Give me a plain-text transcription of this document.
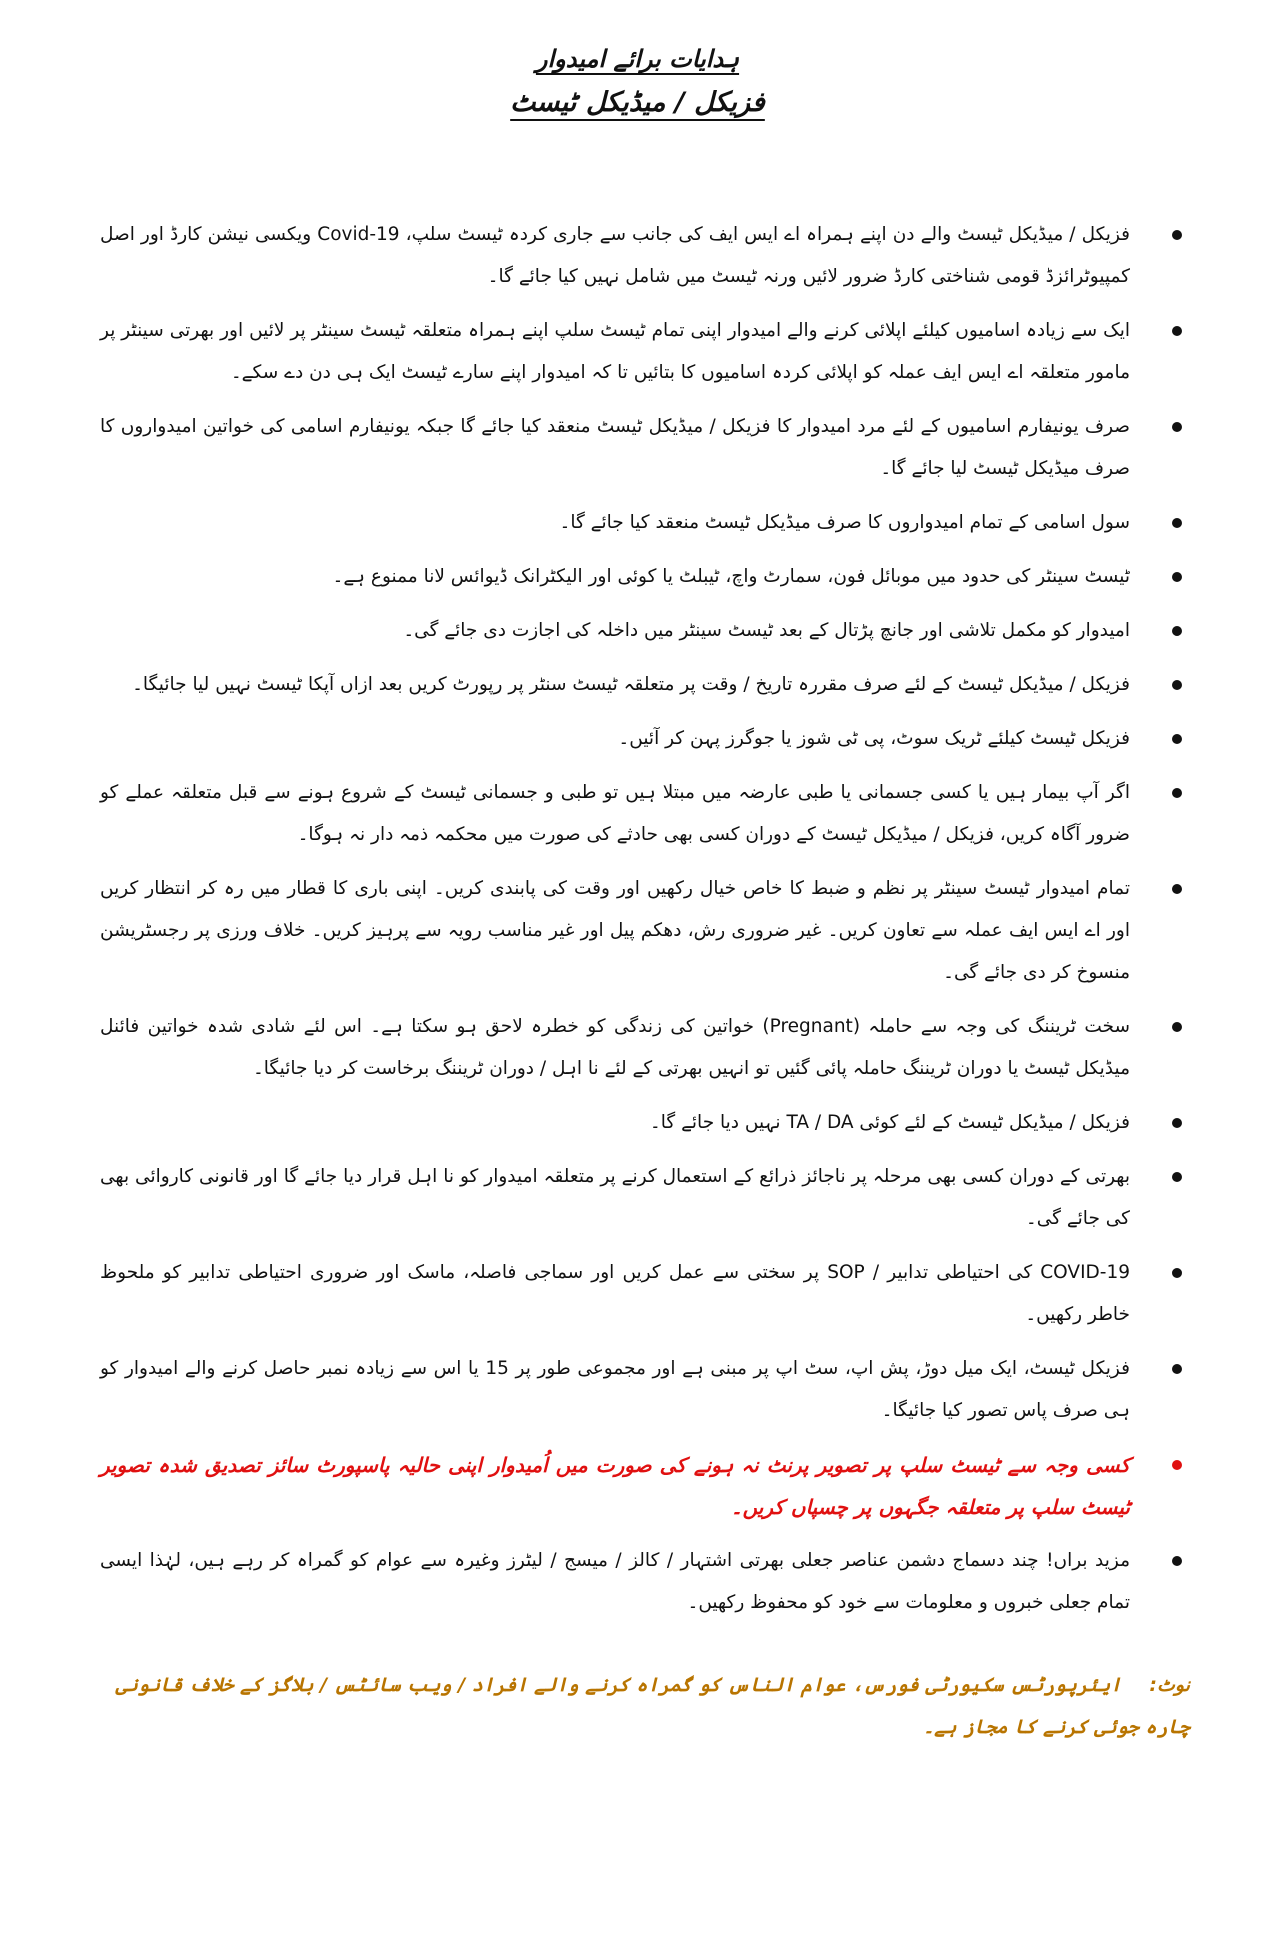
ہدایات برائے امیدوار
فزیکل / میڈیکل ٹیسٹ
فزیکل / میڈیکل ٹیسٹ والے دن اپنے ہمراہ اے ایس ایف کی جانب سے جاری کردہ ٹیسٹ سلپ، Covid-19 ویکسی نیشن کارڈ اور اصل کمپیوٹرائزڈ قومی شناختی کارڈ ضرور لائیں ورنہ ٹیسٹ میں شامل نہیں کیا جائے گا۔
ایک سے زیادہ اسامیوں کیلئے اپلائی کرنے والے امیدوار اپنی تمام ٹیسٹ سلپ اپنے ہمراہ متعلقہ ٹیسٹ سینٹر پر لائیں اور بھرتی سینٹر پر مامور متعلقہ اے ایس ایف عملہ کو اپلائی کردہ اسامیوں کا بتائیں تا کہ امیدوار اپنے سارے ٹیسٹ ایک ہی دن دے سکے۔
صرف یونیفارم اسامیوں کے لئے مرد امیدوار کا فزیکل / میڈیکل ٹیسٹ منعقد کیا جائے گا جبکہ یونیفارم اسامی کی خواتین امیدواروں کا صرف میڈیکل ٹیسٹ لیا جائے گا۔
سول اسامی کے تمام امیدواروں کا صرف میڈیکل ٹیسٹ منعقد کیا جائے گا۔
ٹیسٹ سینٹر کی حدود میں موبائل فون، سمارٹ واچ، ٹیبلٹ یا کوئی اور الیکٹرانک ڈیوائس لانا ممنوع ہے۔
امیدوار کو مکمل تلاشی اور جانچ پڑتال کے بعد ٹیسٹ سینٹر میں داخلہ کی اجازت دی جائے گی۔
فزیکل / میڈیکل ٹیسٹ کے لئے صرف مقررہ تاریخ / وقت پر متعلقہ ٹیسٹ سنٹر پر رپورٹ کریں بعد ازاں آپکا ٹیسٹ نہیں لیا جائیگا۔
فزیکل ٹیسٹ کیلئے ٹریک سوٹ، پی ٹی شوز یا جوگرز پہن کر آئیں۔
اگر آپ بیمار ہیں یا کسی جسمانی یا طبی عارضہ میں مبتلا ہیں تو طبی و جسمانی ٹیسٹ کے شروع ہونے سے قبل متعلقہ عملے کو ضرور آگاہ کریں، فزیکل / میڈیکل ٹیسٹ کے دوران کسی بھی حادثے کی صورت میں محکمہ ذمہ دار نہ ہوگا۔
تمام امیدوار ٹیسٹ سینٹر پر نظم و ضبط کا خاص خیال رکھیں اور وقت کی پابندی کریں۔ اپنی باری کا قطار میں رہ کر انتظار کریں اور اے ایس ایف عملہ سے تعاون کریں۔ غیر ضروری رش، دھکم پیل اور غیر مناسب رویہ سے پرہیز کریں۔ خلاف ورزی پر رجسٹریشن منسوخ کر دی جائے گی۔
سخت ٹریننگ کی وجہ سے حاملہ (Pregnant) خواتین کی زندگی کو خطرہ لاحق ہو سکتا ہے۔ اس لئے شادی شدہ خواتین فائنل میڈیکل ٹیسٹ یا دوران ٹریننگ حاملہ پائی گئیں تو انہیں بھرتی کے لئے نا اہل / دوران ٹریننگ برخاست کر دیا جائیگا۔
فزیکل / میڈیکل ٹیسٹ کے لئے کوئی TA / DA نہیں دیا جائے گا۔
بھرتی کے دوران کسی بھی مرحلہ پر ناجائز ذرائع کے استعمال کرنے پر متعلقہ امیدوار کو نا اہل قرار دیا جائے گا اور قانونی کاروائی بھی کی جائے گی۔
COVID-19 کی احتیاطی تدابیر / SOP پر سختی سے عمل کریں اور سماجی فاصلہ، ماسک اور ضروری احتیاطی تدابیر کو ملحوظ خاطر رکھیں۔
فزیکل ٹیسٹ، ایک میل دوڑ، پش اپ، سٹ اپ پر مبنی ہے اور مجموعی طور پر 15 یا اس سے زیادہ نمبر حاصل کرنے والے امیدوار کو ہی صرف پاس تصور کیا جائیگا۔
کسی وجہ سے ٹیسٹ سلپ پر تصویر پرنٹ نہ ہونے کی صورت میں اُمیدوار اپنی حالیہ پاسپورٹ سائز تصدیق شدہ تصویر ٹیسٹ سلپ پر متعلقہ جگہوں پر چسپاں کریں۔
مزید براں! چند دسماج دشمن عناصر جعلی بھرتی اشتہار / کالز / میسج / لیٹرز وغیرہ سے عوام کو گمراہ کر رہے ہیں، لہٰذا ایسی تمام جعلی خبروں و معلومات سے خود کو محفوظ رکھیں۔
نوٹ:ایئرپورٹس سکیورٹی فورس، عوام الناس کو گمراہ کرنے والے افراد / ویب سائٹس / بلاگز کے خلاف قانونی چارہ جوئی کرنے کا مجاز ہے۔
